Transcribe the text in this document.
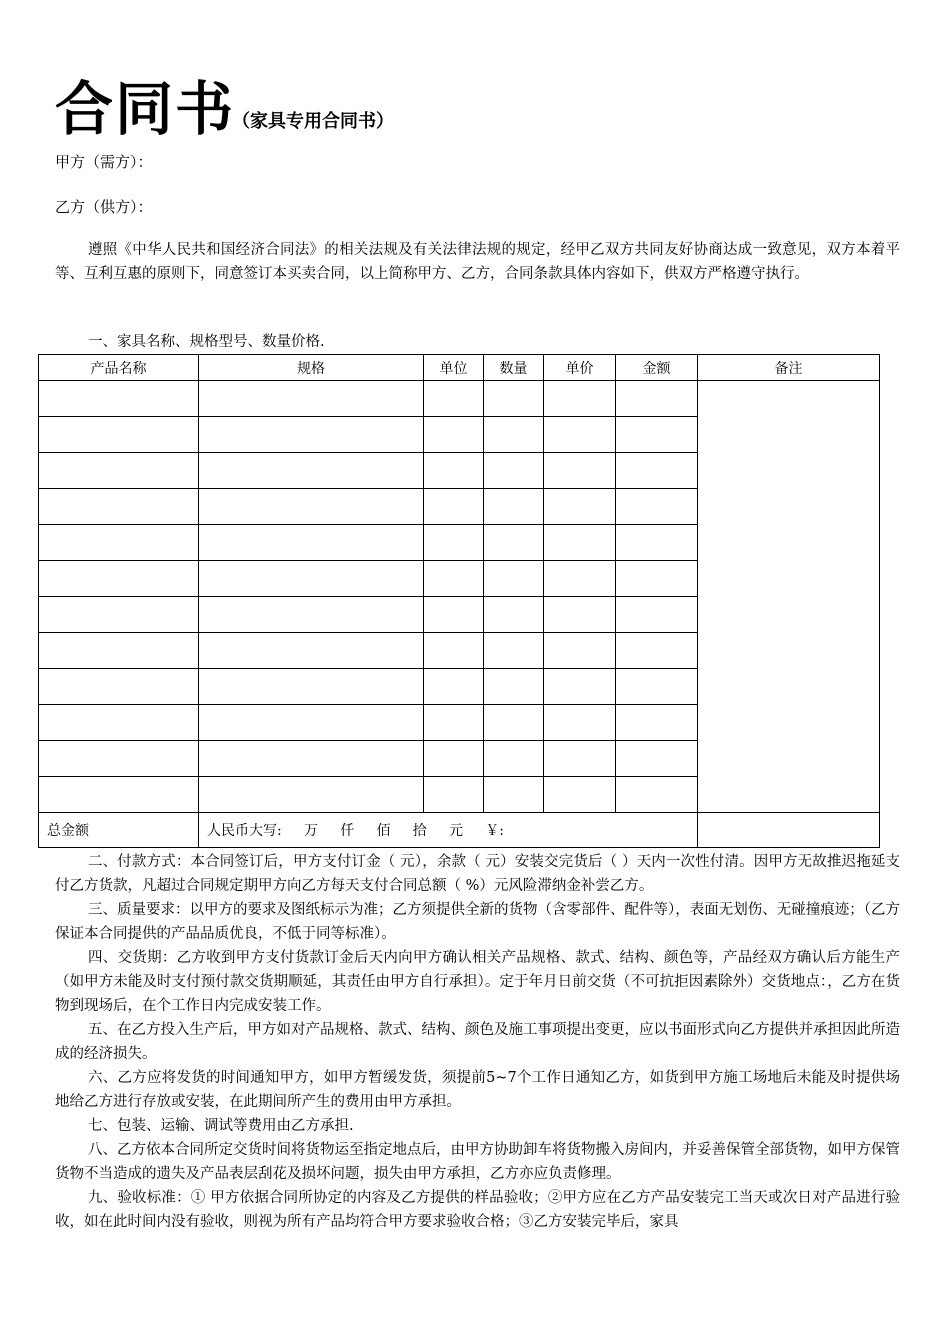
合同书
（家具专用合同书）
甲方（需方）：
乙方（供方）：
遵照《中华人民共和国经济合同法》的相关法规及有关法律法规的规定，经甲乙双方共同友好协商达成一致意见，双方本着平等、互利互惠的原则下，同意签订本买卖合同，以上简称甲方、乙方，合同条款具体内容如下，供双方严格遵守执行。
一、家具名称、规格型号、数量价格.
产品名称	规格	单位	数量	单价	金额	备注

总金额	人民币大写:     万     仟     佰     拾     元     ￥:					
二、付款方式：本合同签订后，甲方支付订金（ 元），余款（ 元）安装交完货后（ ）天内一次性付清。因甲方无故推迟拖延支付乙方货款，凡超过合同规定期甲方向乙方每天支付合同总额（ %）元风险滞纳金补尝乙方。
三、质量要求：以甲方的要求及图纸标示为准；乙方须提供全新的货物（含零部件、配件等），表面无划伤、无碰撞痕迹；（乙方保证本合同提供的产品品质优良，不低于同等标准）。
四、交货期：乙方收到甲方支付货款订金后天内向甲方确认相关产品规格、款式、结构、颜色等，产品经双方确认后方能生产（如甲方未能及时支付预付款交货期顺延，其责任由甲方自行承担）。定于年月日前交货（不可抗拒因素除外）交货地点：，乙方在货物到现场后，在个工作日内完成安装工作。
五、在乙方投入生产后，甲方如对产品规格、款式、结构、颜色及施工事项提出变更，应以书面形式向乙方提供并承担因此所造成的经济损失。
六、乙方应将发货的时间通知甲方，如甲方暂缓发货，须提前5~7个工作日通知乙方，如货到甲方施工场地后未能及时提供场地给乙方进行存放或安装，在此期间所产生的费用由甲方承担。
七、包装、运输、调试等费用由乙方承担.
八、乙方依本合同所定交货时间将货物运至指定地点后，由甲方协助卸车将货物搬入房间内，并妥善保管全部货物，如甲方保管货物不当造成的遗失及产品表层刮花及损坏问题，损失由甲方承担，乙方亦应负责修理。
九、验收标准：① 甲方依据合同所协定的内容及乙方提供的样品验收；②甲方应在乙方产品安装完工当天或次日对产品进行验收，如在此时间内没有验收，则视为所有产品均符合甲方要求验收合格；③乙方安装完毕后，家具
